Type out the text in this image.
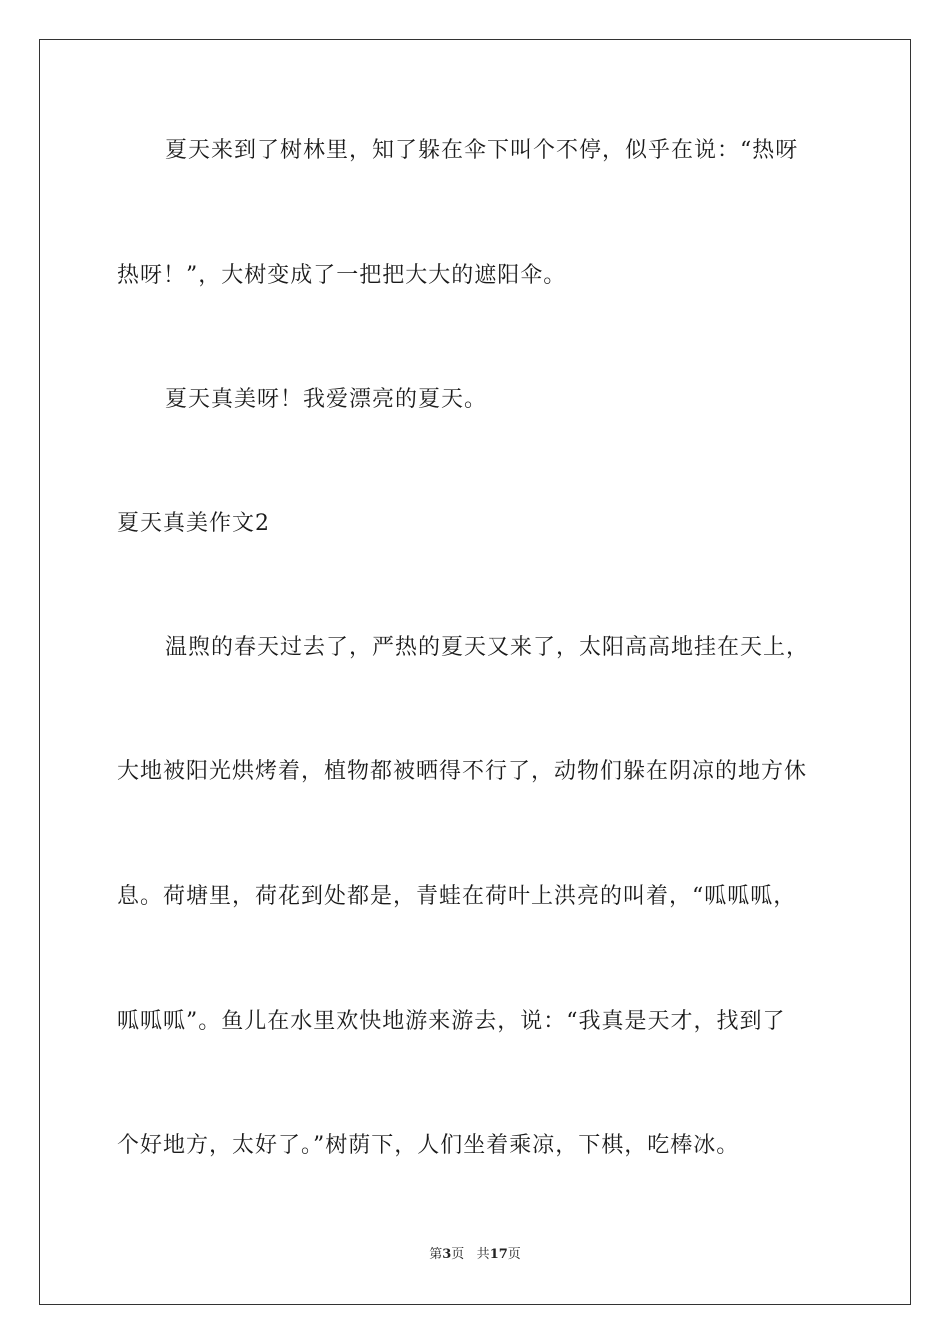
夏天来到了树林里，知了躲在伞下叫个不停，似乎在说：“热呀
热呀！”，大树变成了一把把大大的遮阳伞。
夏天真美呀！我爱漂亮的夏天。
夏天真美作文2
温煦的春天过去了，严热的夏天又来了，太阳高高地挂在天上，
大地被阳光烘烤着，植物都被晒得不行了，动物们躲在阴凉的地方休
息。荷塘里，荷花到处都是，青蛙在荷叶上洪亮的叫着，“呱呱呱，
呱呱呱”。鱼儿在水里欢快地游来游去，说：“我真是天才，找到了
个好地方，太好了。”树荫下，人们坐着乘凉，下棋，吃棒冰。
第3页 共17页
